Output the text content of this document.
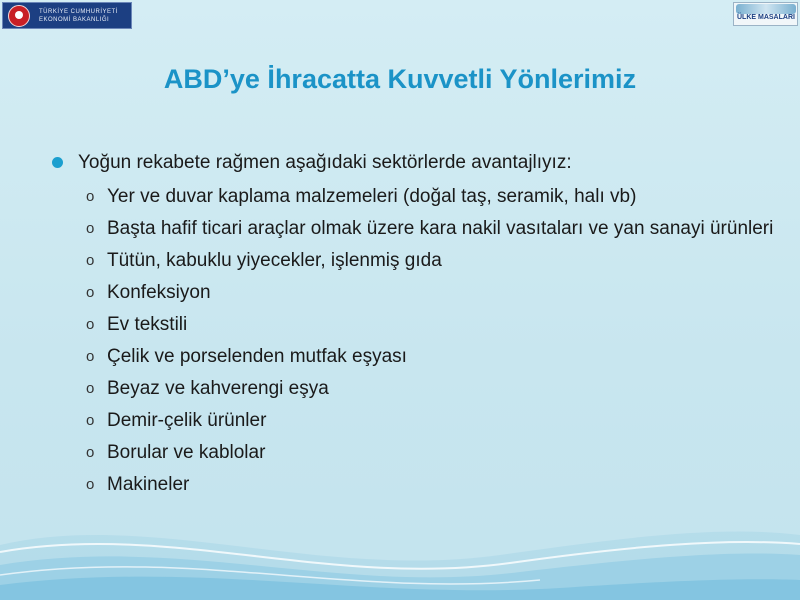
TÜRKİYE CUMHURİYETİ
EKONOMİ BAKANLIĞI	ÜLKE MASALARI
ABD’ye İhracatta Kuvvetli Yönlerimiz
Yoğun rekabete rağmen aşağıdaki sektörlerde avantajlıyız:
o Yer ve duvar kaplama malzemeleri (doğal taş, seramik, halı vb)
o Başta hafif ticari araçlar olmak üzere kara nakil vasıtaları ve yan sanayi ürünleri
o Tütün, kabuklu yiyecekler, işlenmiş gıda
o Konfeksiyon
o Ev tekstili
o Çelik ve porselenden mutfak eşyası
o Beyaz ve kahverengi eşya
o Demir-çelik ürünler
o Borular ve kablolar
o Makineler
